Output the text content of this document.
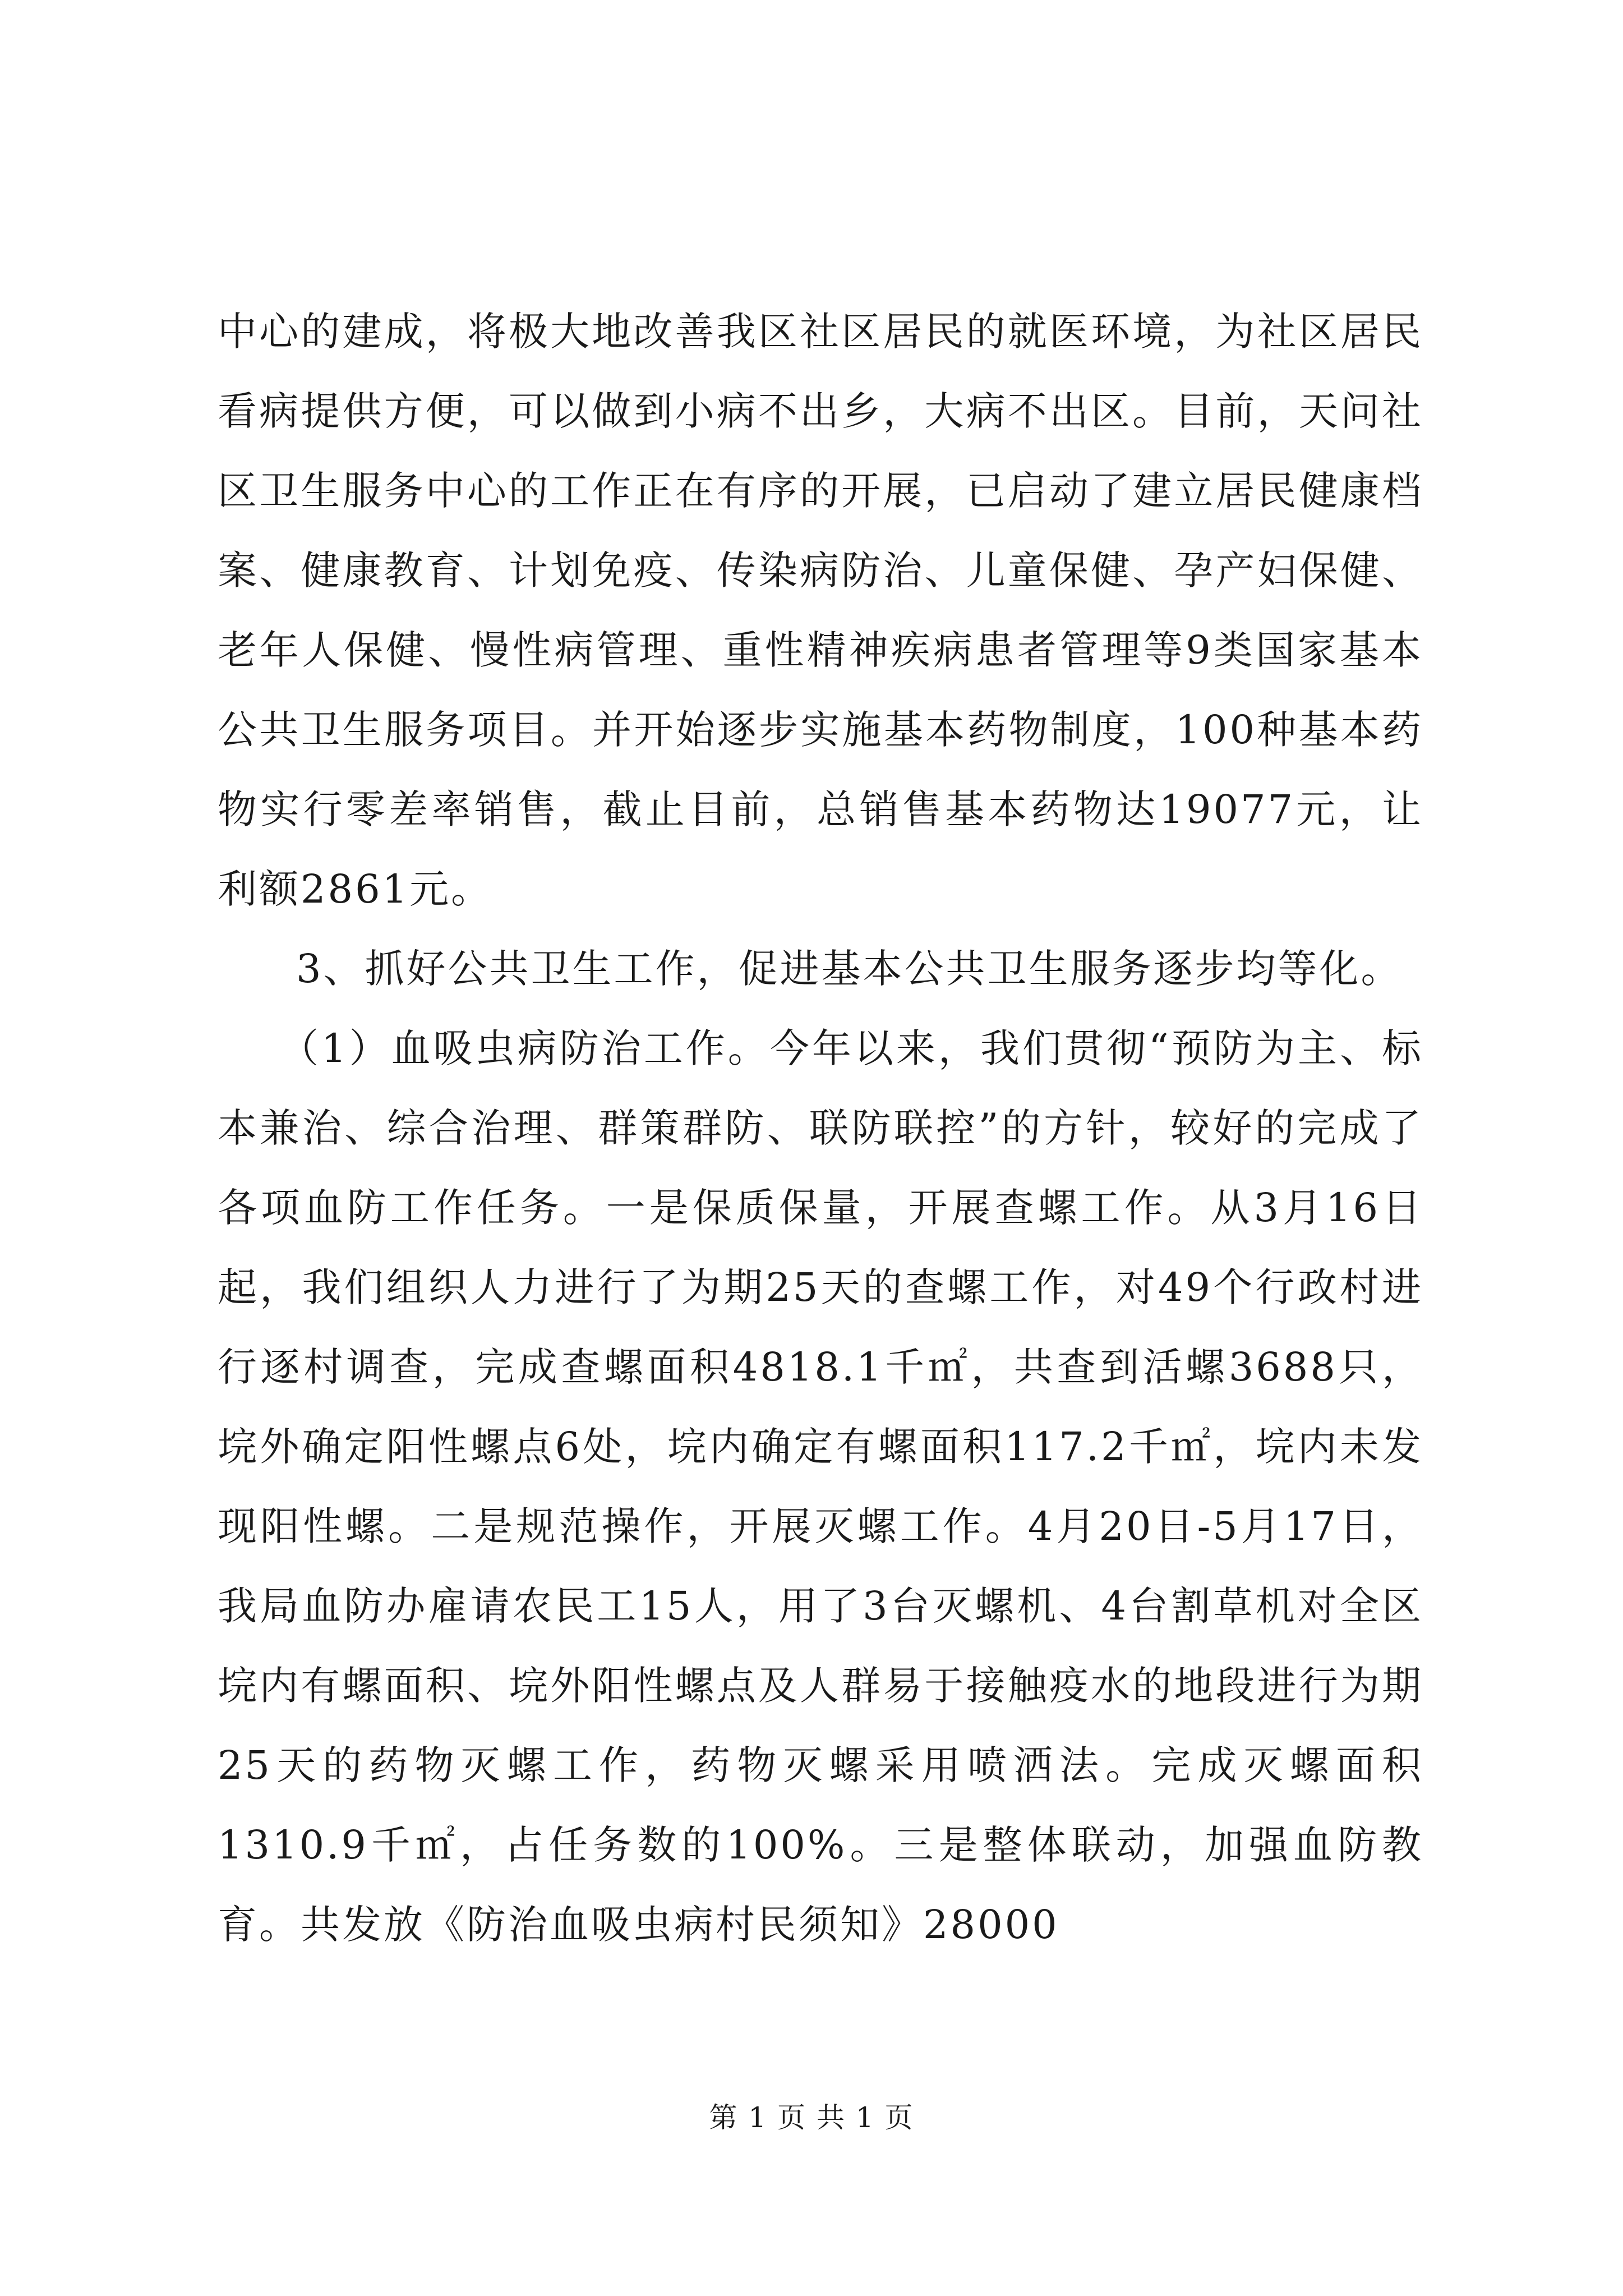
中心的建成，将极大地改善我区社区居民的就医环境，为社区居民看病提供方便，可以做到小病不出乡，大病不出区。目前，天问社区卫生服务中心的工作正在有序的开展，已启动了建立居民健康档案、健康教育、计划免疫、传染病防治、儿童保健、孕产妇保健、老年人保健、慢性病管理、重性精神疾病患者管理等9类国家基本公共卫生服务项目。并开始逐步实施基本药物制度，100种基本药物实行零差率销售，截止目前，总销售基本药物达19077元，让利额2861元。

3、抓好公共卫生工作，促进基本公共卫生服务逐步均等化。

（1）血吸虫病防治工作。今年以来，我们贯彻“预防为主、标本兼治、综合治理、群策群防、联防联控”的方针，较好的完成了各项血防工作任务。一是保质保量，开展查螺工作。从3月16日起，我们组织人力进行了为期25天的查螺工作，对49个行政村进行逐村调查，完成查螺面积4818.1千㎡，共查到活螺3688只，垸外确定阳性螺点6处，垸内确定有螺面积117.2千㎡，垸内未发现阳性螺。二是规范操作，开展灭螺工作。4月20日-5月17日，我局血防办雇请农民工15人，用了3台灭螺机、4台割草机对全区垸内有螺面积、垸外阳性螺点及人群易于接触疫水的地段进行为期25天的药物灭螺工作，药物灭螺采用喷洒法。完成灭螺面积1310.9千㎡，占任务数的100%。三是整体联动，加强血防教育。共发放《防治血吸虫病村民须知》28000

第 1 页 共 1 页
